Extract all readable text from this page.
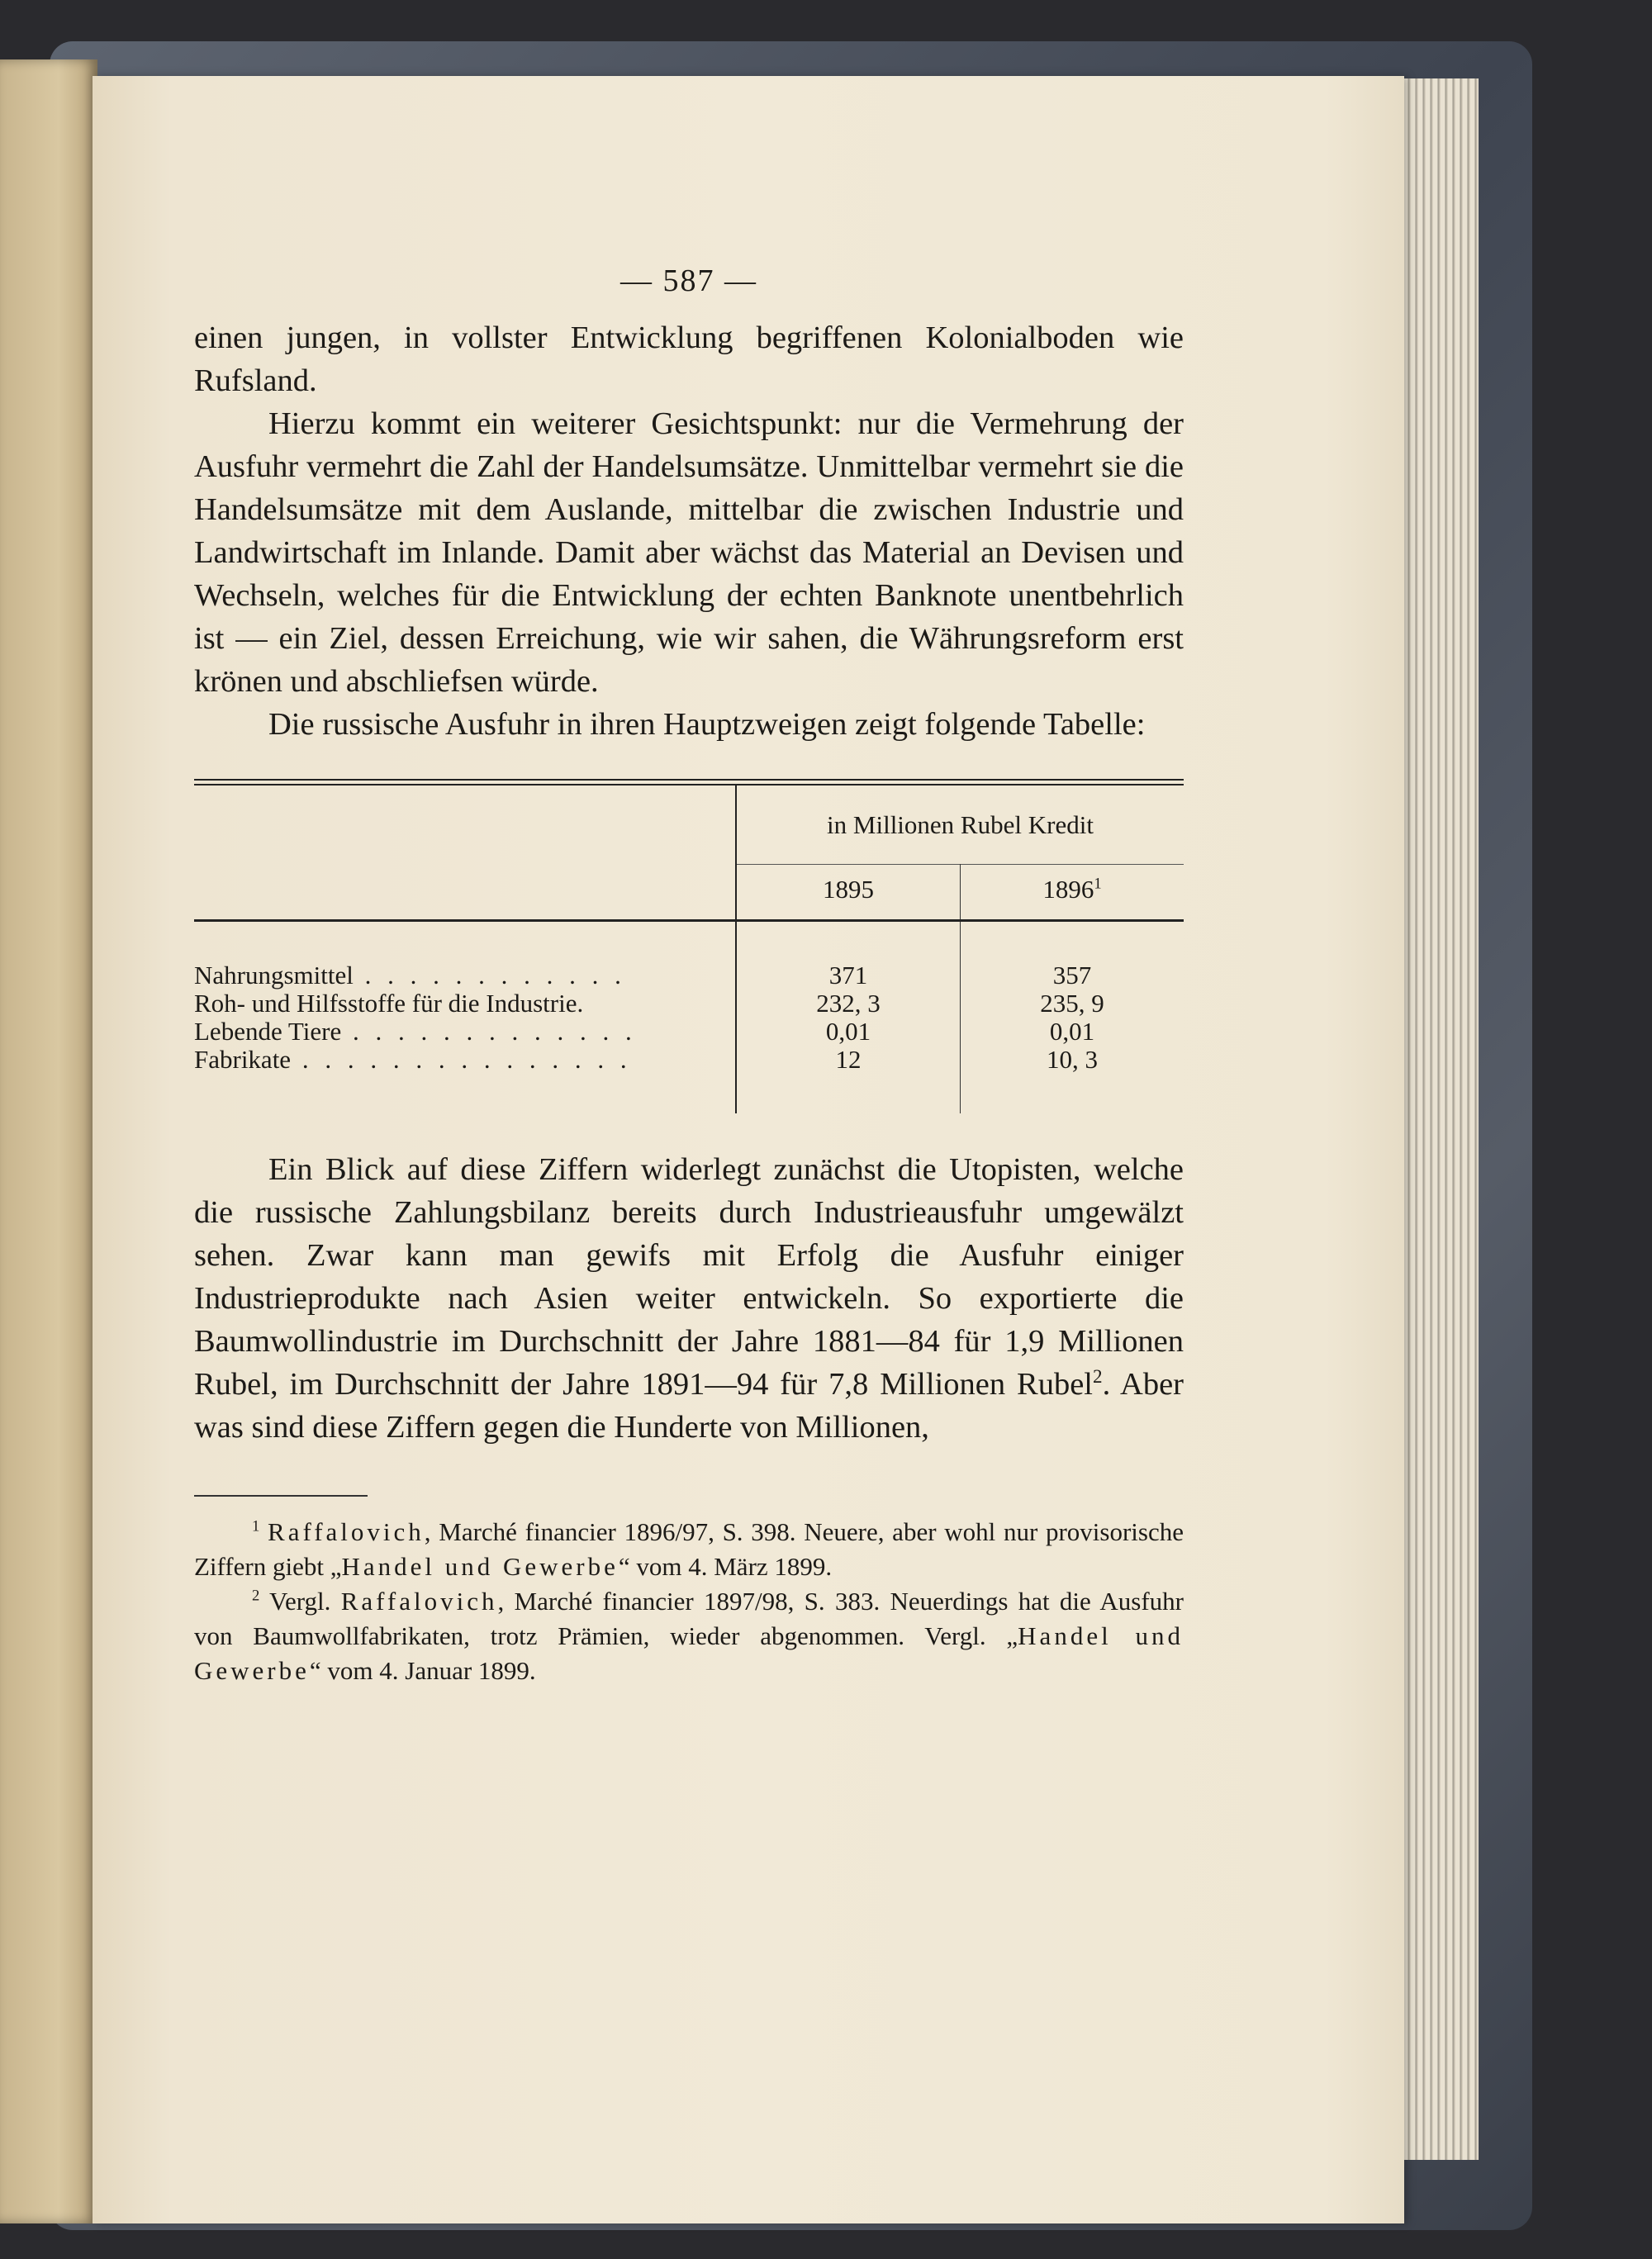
— 587 —

einen jungen, in vollster Entwicklung begriffenen Kolonialboden wie Rufsland.

Hierzu kommt ein weiterer Gesichtspunkt: nur die Vermehrung der Ausfuhr vermehrt die Zahl der Handelsumsätze. Unmittelbar vermehrt sie die Handelsumsätze mit dem Auslande, mittelbar die zwischen Industrie und Landwirtschaft im Inlande. Damit aber wächst das Material an Devisen und Wechseln, welches für die Entwicklung der echten Banknote unentbehrlich ist — ein Ziel, dessen Erreichung, wie wir sahen, die Währungsreform erst krönen und abschliefsen würde.

Die russische Ausfuhr in ihren Hauptzweigen zeigt folgende Tabelle:

	in Millionen Rubel Kredit	
	1895	1896$^1$

Nahrungsmittel . . . . . . . . . . . .	371	357
Roh- und Hilfsstoffe für die Industrie.	232, 3	235, 9
Lebende Tiere . . . . . . . . . . . . .	0,01	0,01
Fabrikate . . . . . . . . . . . . . . .	12	10, 3

Ein Blick auf diese Ziffern widerlegt zunächst die Utopisten, welche die russische Zahlungsbilanz bereits durch Industrieausfuhr umgewälzt sehen. Zwar kann man gewifs mit Erfolg die Ausfuhr einiger Industrieprodukte nach Asien weiter entwickeln. So exportierte die Baumwollindustrie im Durchschnitt der Jahre 1881—84 für 1,9 Millionen Rubel, im Durchschnitt der Jahre 1891—94 für 7,8 Millionen Rubel$^2$. Aber was sind diese Ziffern gegen die Hunderte von Millionen,

$^1$ Raffalovich, Marché financier 1896/97, S. 398. Neuere, aber wohl nur provisorische Ziffern giebt „Handel und Gewerbe“ vom 4. März 1899.

$^2$ Vergl. Raffalovich, Marché financier 1897/98, S. 383. Neuerdings hat die Ausfuhr von Baumwollfabrikaten, trotz Prämien, wieder abgenommen. Vergl. „Handel und Gewerbe“ vom 4. Januar 1899.
